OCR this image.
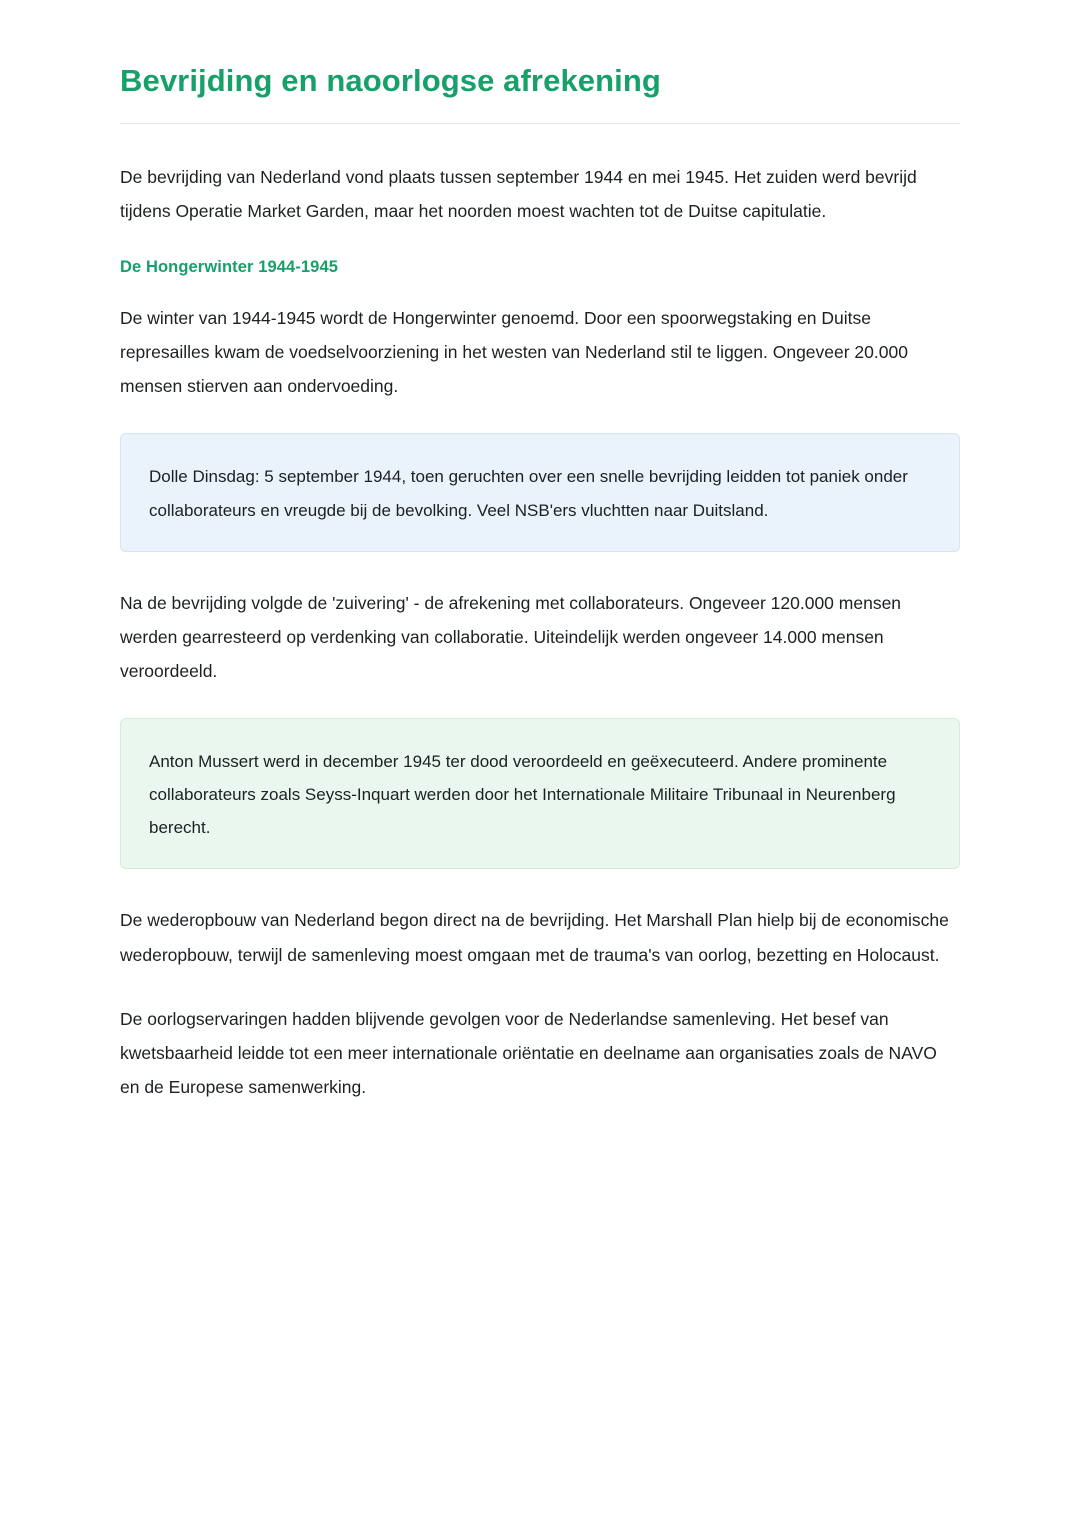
Bevrijding en naoorlogse afrekening

De bevrijding van Nederland vond plaats tussen september 1944 en mei 1945. Het zuiden werd bevrijd tijdens Operatie Market Garden, maar het noorden moest wachten tot de Duitse capitulatie.

De Hongerwinter 1944-1945

De winter van 1944-1945 wordt de Hongerwinter genoemd. Door een spoorwegstaking en Duitse represailles kwam de voedselvoorziening in het westen van Nederland stil te liggen. Ongeveer 20.000 mensen stierven aan ondervoeding.

Dolle Dinsdag: 5 september 1944, toen geruchten over een snelle bevrijding leidden tot paniek onder collaborateurs en vreugde bij de bevolking. Veel NSB'ers vluchtten naar Duitsland.

Na de bevrijding volgde de 'zuivering' - de afrekening met collaborateurs. Ongeveer 120.000 mensen werden gearresteerd op verdenking van collaboratie. Uiteindelijk werden ongeveer 14.000 mensen veroordeeld.

Anton Mussert werd in december 1945 ter dood veroordeeld en geëxecuteerd. Andere prominente collaborateurs zoals Seyss-Inquart werden door het Internationale Militaire Tribunaal in Neurenberg berecht.

De wederopbouw van Nederland begon direct na de bevrijding. Het Marshall Plan hielp bij de economische wederopbouw, terwijl de samenleving moest omgaan met de trauma's van oorlog, bezetting en Holocaust.

De oorlogservaringen hadden blijvende gevolgen voor de Nederlandse samenleving. Het besef van kwetsbaarheid leidde tot een meer internationale oriëntatie en deelname aan organisaties zoals de NAVO en de Europese samenwerking.
